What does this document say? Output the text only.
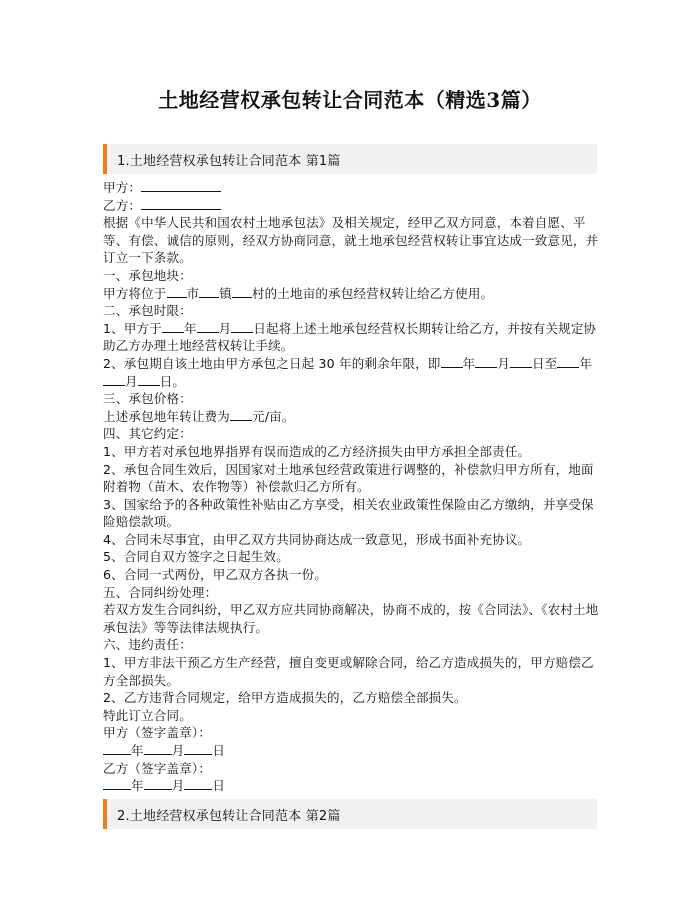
土地经营权承包转让合同范本（精选3篇）
1.土地经营权承包转让合同范本 第1篇
甲方：
乙方：
根据《中华人民共和国农村土地承包法》及相关规定，经甲乙双方同意，本着自愿、平等、有偿、诚信的原则，经双方协商同意，就土地承包经营权转让事宜达成一致意见，并订立一下条款。
一、承包地块：
甲方将位于 市 镇 村的土地亩的承包经营权转让给乙方使用。
二、承包时限：
1、甲方于 年 月 日起将上述土地承包经营权长期转让给乙方，并按有关规定协助乙方办理土地经营权转让手续。
2、承包期自该土地由甲方承包之日起 30 年的剩余年限，即 年 月 日至 年月 日。
三、承包价格：
上述承包地年转让费为 元/亩。
四、其它约定：
1、甲方若对承包地界指界有误而造成的乙方经济损失由甲方承担全部责任。
2、承包合同生效后，因国家对土地承包经营政策进行调整的，补偿款归甲方所有，地面附着物（苗木、农作物等）补偿款归乙方所有。
3、国家给予的各种政策性补贴由乙方享受，相关农业政策性保险由乙方缴纳，并享受保险赔偿款项。
4、合同未尽事宜，由甲乙双方共同协商达成一致意见，形成书面补充协议。
5、合同自双方签字之日起生效。
6、合同一式两份，甲乙双方各执一份。
五、合同纠纷处理：
若双方发生合同纠纷，甲乙双方应共同协商解决，协商不成的，按《合同法》、《农村土地承包法》等等法律法规执行。
六、违约责任：
1、甲方非法干预乙方生产经营，擅自变更或解除合同，给乙方造成损失的，甲方赔偿乙方全部损失。
2、乙方违背合同规定，给甲方造成损失的，乙方赔偿全部损失。
特此订立合同。
甲方（签字盖章）：
年 月 日
乙方（签字盖章）：
年 月 日
2.土地经营权承包转让合同范本 第2篇
